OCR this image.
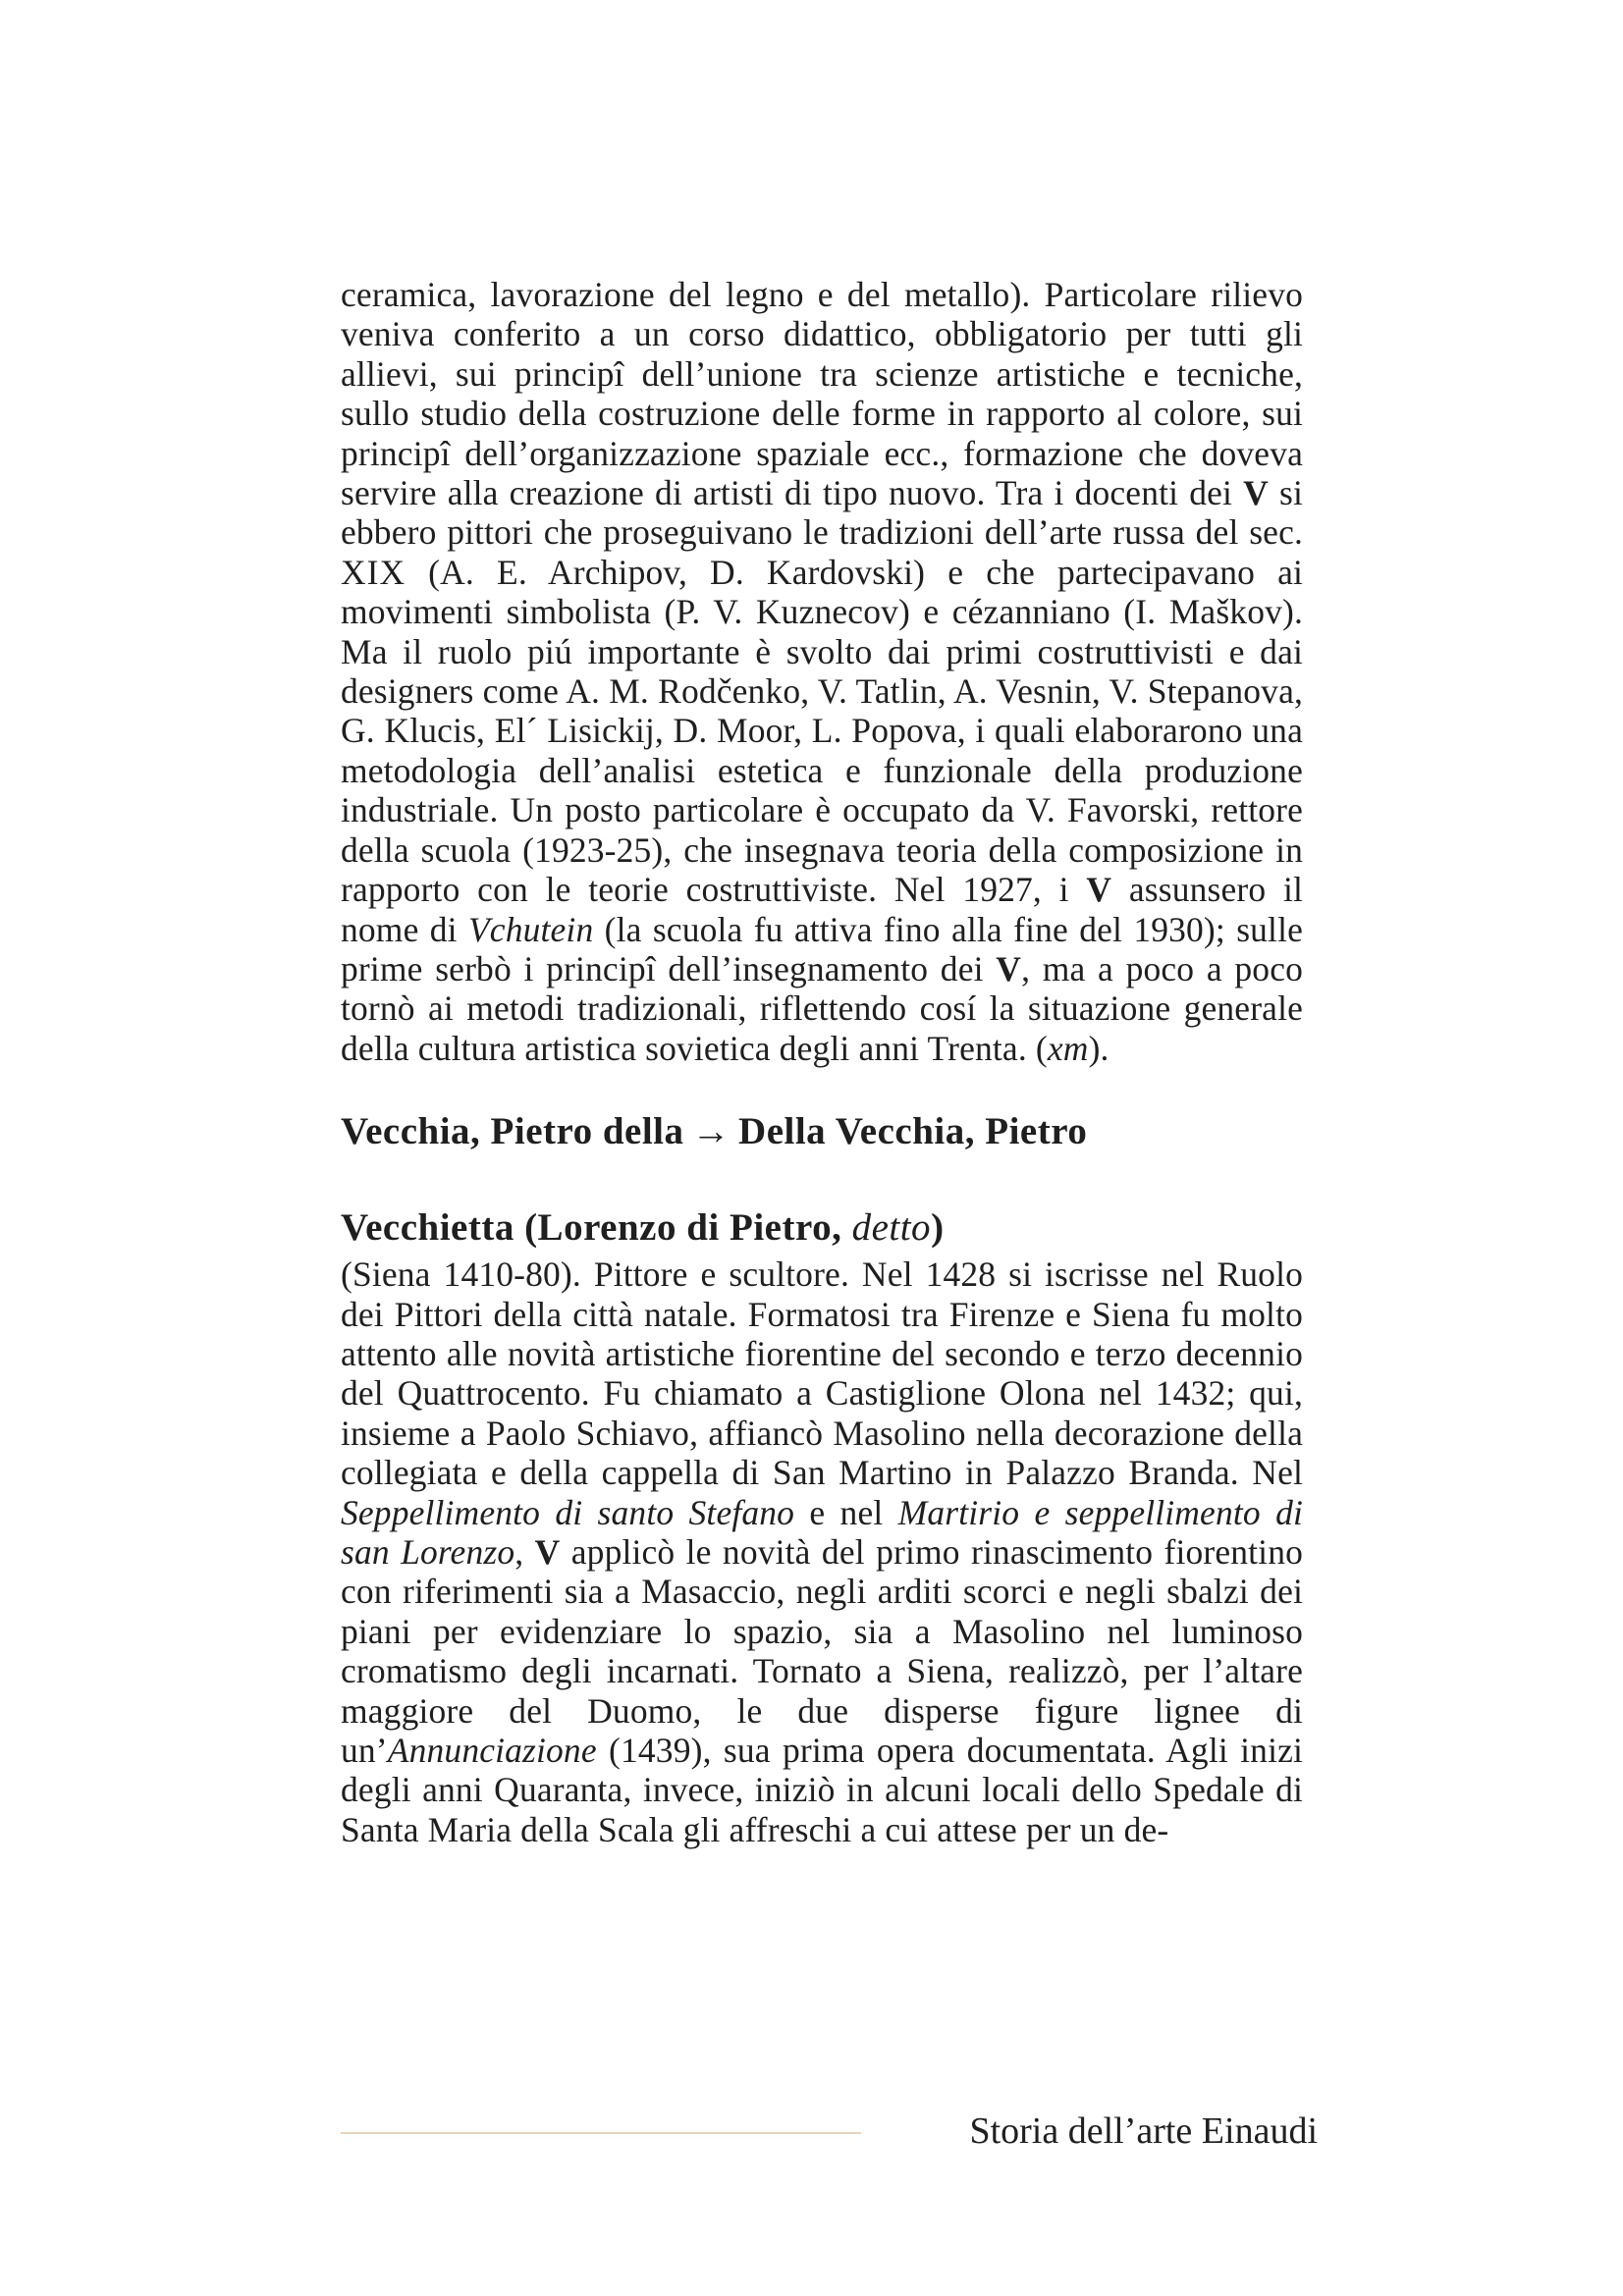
ceramica, lavorazione del legno e del metallo). Particolare rilievo veniva conferito a un corso didattico, obbligatorio per tutti gli allievi, sui principî dell’unione tra scienze artistiche e tecniche, sullo studio della costruzione delle forme in rapporto al colore, sui principî dell’organizzazione spaziale ecc., formazione che doveva servire alla creazione di artisti di tipo nuovo. Tra i docenti dei V si ebbero pittori che proseguivano le tradizioni dell’arte russa del sec. XIX (A. E. Archipov, D. Kardovski) e che partecipavano ai movimenti simbolista (P. V. Kuznecov) e cézanniano (I. Maškov). Ma il ruolo piú importante è svolto dai primi costruttivisti e dai designers come A. M. Rodčenko, V. Tatlin, A. Vesnin, V. Stepanova, G. Klucis, El´ Lisickij, D. Moor, L. Popova, i quali elaborarono una metodologia dell’analisi estetica e funzionale della produzione industriale. Un posto particolare è occupato da V. Favorski, rettore della scuola (1923-25), che insegnava teoria della composizione in rapporto con le teorie costruttiviste. Nel 1927, i V assunsero il nome di Vchutein (la scuola fu attiva fino alla fine del 1930); sulle prime serbò i principî dell’insegnamento dei V, ma a poco a poco tornò ai metodi tradizionali, riflettendo cosí la situazione generale della cultura artistica sovietica degli anni Trenta. (xm).

Vecchia, Pietro della → Della Vecchia, Pietro
Vecchietta (Lorenzo di Pietro, detto)

(Siena 1410-80). Pittore e scultore. Nel 1428 si iscrisse nel Ruolo dei Pittori della città natale. Formatosi tra Firenze e Siena fu molto attento alle novità artistiche fiorentine del secondo e terzo decennio del Quattrocento. Fu chiamato a Castiglione Olona nel 1432; qui, insieme a Paolo Schiavo, affiancò Masolino nella decorazione della collegiata e della cappella di San Martino in Palazzo Branda. Nel Seppellimento di santo Stefano e nel Martirio e seppellimento di san Lorenzo, V applicò le novità del primo rinascimento fiorentino con riferimenti sia a Masaccio, negli arditi scorci e negli sbalzi dei piani per evidenziare lo spazio, sia a Masolino nel luminoso cromatismo degli incarnati. Tornato a Siena, realizzò, per l’altare maggiore del Duomo, le due disperse figure lignee di un’Annunciazione (1439), sua prima opera documentata. Agli inizi degli anni Quaranta, invece, iniziò in alcuni locali dello Spedale di Santa Maria della Scala gli affreschi a cui attese per un de-

Storia dell’arte Einaudi
